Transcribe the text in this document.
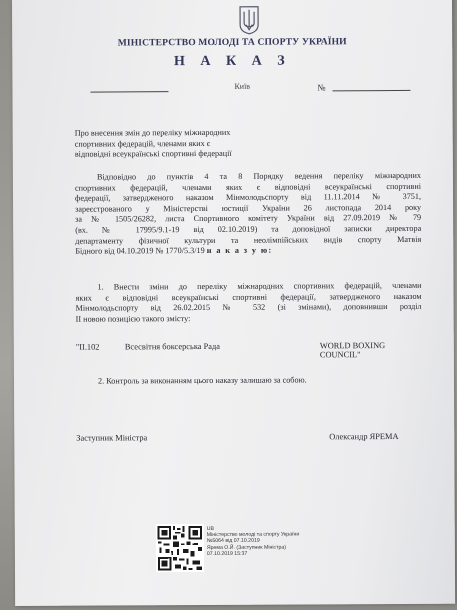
МІНІСТЕРСТВО МОЛОДІ ТА СПОРТУ УКРАЇНИ
Н А К А З
Київ	№
Про внесення змін до переліку міжнародних
спортивних федерацій, членами яких є
відповідні всеукраїнські спортивні федерації
Відповідно до пунктів 4 та 8 Порядку ведення переліку міжнародних
спортивних федерацій, членами яких є відповідні всеукраїнські спортивні
федерації, затвердженого наказом Мінмолодьспорту від 11.11.2014 № 3751,
зареєстрованого у Міністерстві юстиції України 26 листопада 2014 року
за № 1505/26282, листа Спортивного комітету України від 27.09.2019 № 79
(вх. № 17995/9.1-19 від 02.10.2019) та доповідної записки директора
департаменту фізичної культури та неолімпійських видів спорту Матвія
Бідного від 04.10.2019 № 1770/5.3/19 н а к а з у ю:
1. Внести зміни до переліку міжнародних спортивних федерацій, членами
яких є відповідні всеукраїнські спортивні федерації, затвердженого наказом
Мінмолодьспорту від 26.02.2015 № 532 (зі змінами), доповнивши розділ
II новою позицією такого змісту:
"II.102	Всесвітня боксерська Рада	WORLD BOXING COUNCIL"
2. Контроль за виконанням цього наказу залишаю за собою.
Заступник Міністра	Олександр ЯРЕМА
UB
Міністерство молоді та спорту України
№5064 від 07.10.2019
Ярема О.Й. (Заступник Міністра)
07.10.2019 15:37
